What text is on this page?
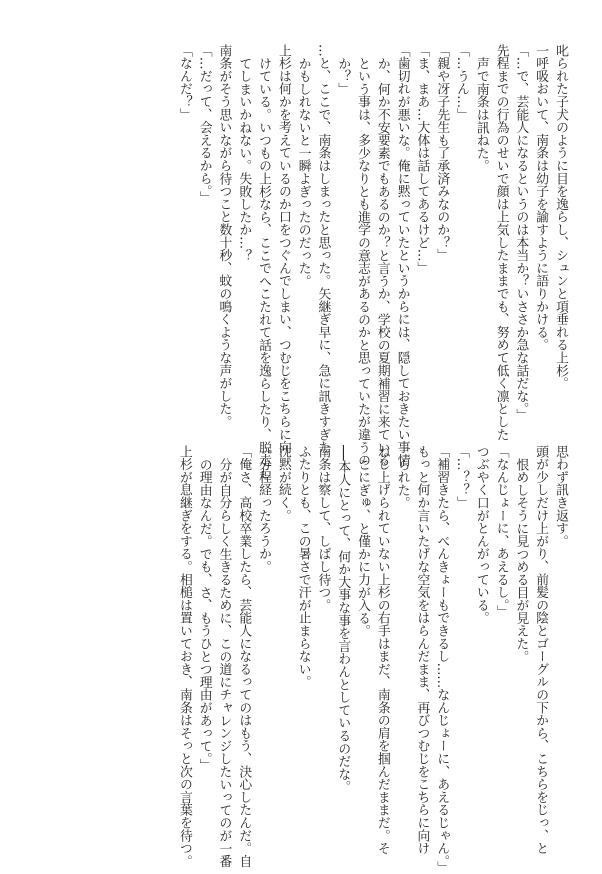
叱られた子犬のように目を逸らし、シュンと項垂れる上杉。
一呼吸おいて、南条は幼子を諭すように語りかける。
「…で、芸能人になるというのは本当か？いささか急な話だな。」
先程までの行為のせいで顔は上気したままでも、努めて低く凛とした
声で南条は訊ねた。
「…うん…」
「親や冴子先生も了承済みなのか？」
「ま、まあ…大体は話してあるけど…」
「歯切れが悪いな。俺に黙っていたというからには、隠しておきたい事情
か、何か不安要素でもあるのか？と言うか、学校の夏期補習に来ている
という事は、多少なりとも進学の意志があるのかと思っていたが違うの
か？」
…と、ここで、南条はしまったと思った。矢継ぎ早に、急に訊きすぎた
かもしれないと一瞬よぎったのだった。
上杉は何かを考えているのか口をつぐんでしまい、つむじをこちらに向
けている。いつもの上杉なら、ここでへこたれて話を逸らしたり、脱走し
てしまいかねない。失敗したか…？
南条がそう思いながら待つこと数十秒、蚊の鳴くような声がした。
「…だって、会えるから。」
「なんだ？」
思わず訊き返す。
頭が少しだけ上がり、前髪の陰とゴーグルの下から、こちらをじっ、と
恨めしそうに見つめる目が見えた。
「なんじょーに、あえるし。」
つぶやく口がとんがっている。
「…？？」
「補習きたら、べんきょーもできるし……なんじょーに、あえるじゃん。」
もっと何か言いたげな空気をはらんだまま、再びつむじをこちらに向け
られた。
ねじ上げられていない上杉の右手はまだ、南条の肩を掴んだままだ。そ
こにぎゅ、と僅かに力が入る。
──本人にとって、何か大事な事を言わんとしているのだな。
南条は察して、しばし待つ。
ふたりとも、この暑さで汗が止まらない。
沈黙が続く。
一分程経ったろうか。
「俺さ、高校卒業したら、芸能人になるってのはもう、決心したんだ。自
分が自分らしく生きるために、この道にチャレンジしたいってのが一番
の理由なんだ。でも、さ、もうひとつ理由があって。」
上杉が息継ぎをする。相槌は置いておき、南条はそっと次の言葉を待つ。
